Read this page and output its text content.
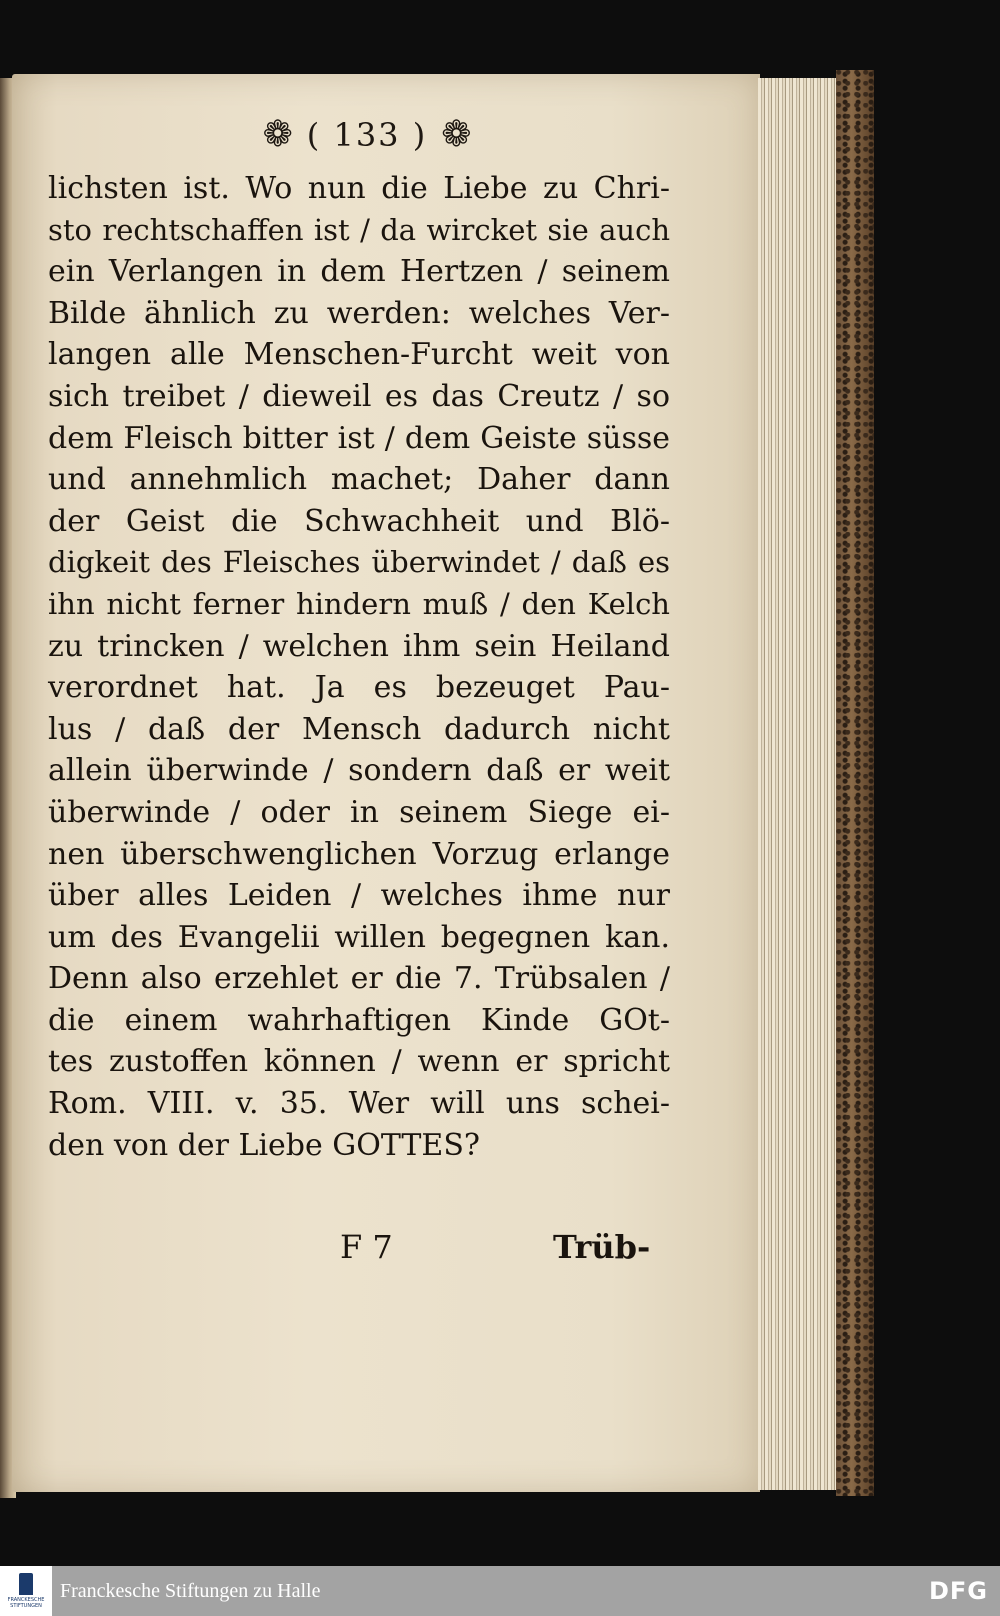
❁ ( 133 ) ❁
lichsten ist. Wo nun die Liebe zu Chri-
sto rechtschaffen ist / da wircket sie auch
ein Verlangen in dem Hertzen / seinem
Bilde ähnlich zu werden: welches Ver-
langen alle Menschen-Furcht weit von
sich treibet / dieweil es das Creutz / so
dem Fleisch bitter ist / dem Geiste süsse
und annehmlich machet; Daher dann
der Geist die Schwachheit und Blö-
digkeit des Fleisches überwindet / daß es
ihn nicht ferner hindern muß / den Kelch
zu trincken / welchen ihm sein Heiland
verordnet hat. Ja es bezeuget Pau-
lus / daß der Mensch dadurch nicht
allein überwinde / sondern daß er weit
überwinde / oder in seinem Siege ei-
nen überschwenglichen Vorzug erlange
über alles Leiden / welches ihme nur
um des Evangelii willen begegnen kan.
Denn also erzehlet er die 7. Trübsalen /
die einem wahrhaftigen Kinde GOt-
tes zustoffen können / wenn er spricht
Rom. VIII. v. 35. Wer will uns schei-
den von der Liebe GOTTES?
F 7	Trüb-
FRANCKESCHE STIFTUNGEN
Franckesche Stiftungen zu Halle	DFG
